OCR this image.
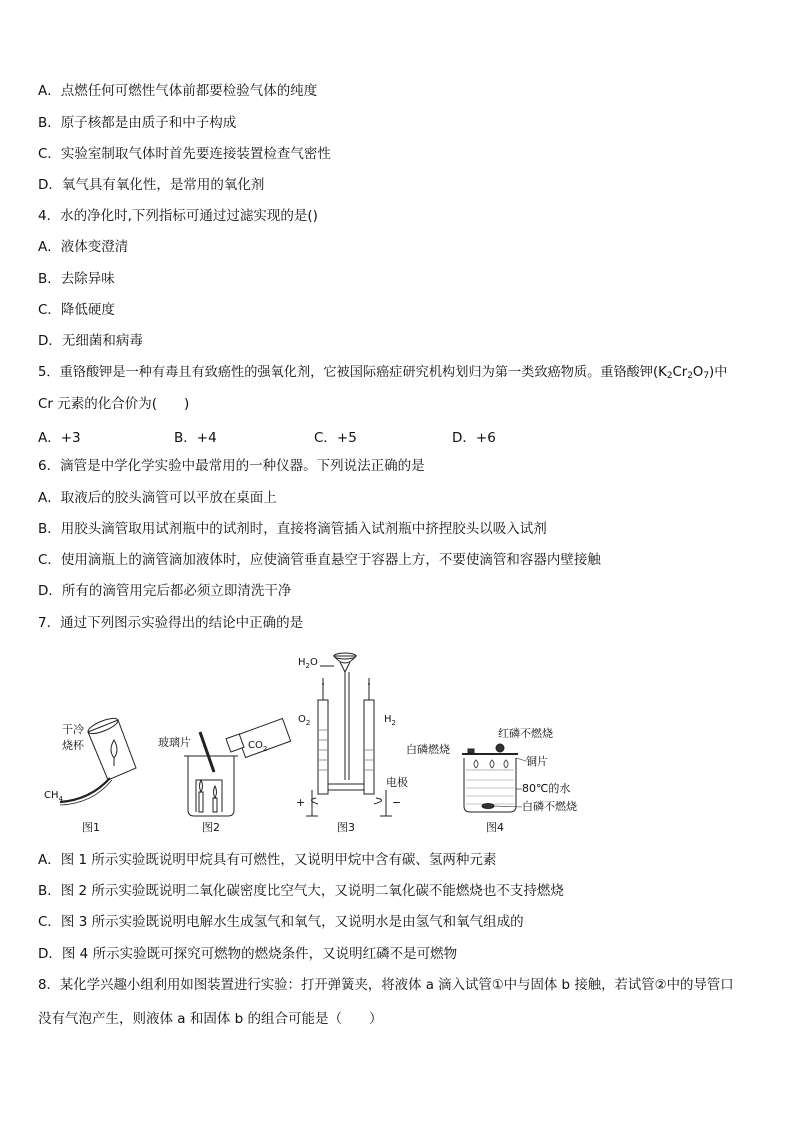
A．点燃任何可燃性气体前都要检验气体的纯度
B．原子核都是由质子和中子构成
C．实验室制取气体时首先要连接装置检查气密性
D．氧气具有氧化性，是常用的氧化剂
4．水的净化时,下列指标可通过过滤实现的是()
A．液体变澄清
B．去除异味
C．降低硬度
D．无细菌和病毒
5．重铬酸钾是一种有毒且有致癌性的强氧化剂，它被国际癌症研究机构划归为第一类致癌物质。重铬酸钾$(K_2Cr_2O_7)$中
Cr 元素的化合价为(　　)
A．+3	B．+4	C．+5	D．+6
6．滴管是中学化学实验中最常用的一种仪器。下列说法正确的是
A．取液后的胶头滴管可以平放在桌面上
B．用胶头滴管取用试剂瓶中的试剂时，直接将滴管插入试剂瓶中挤捏胶头以吸入试剂
C．使用滴瓶上的滴管滴加液体时，应使滴管垂直悬空于容器上方，不要使滴管和容器内壁接触
D．所有的滴管用完后都必须立即清洗干净
7．通过下列图示实验得出的结论中正确的是
干冷
烧杯
$CH_4$
图1
玻璃片	$CO_2$
图2
$H_2O$
$O_2$	$H_2$
电极
+	−
图3
红磷不燃烧
白磷燃烧
铜片
80℃的水
白磷不燃烧
图4
A．图 1 所示实验既说明甲烷具有可燃性，又说明甲烷中含有碳、氢两种元素
B．图 2 所示实验既说明二氧化碳密度比空气大，又说明二氧化碳不能燃烧也不支持燃烧
C．图 3 所示实验既说明电解水生成氢气和氧气，又说明水是由氢气和氧气组成的
D．图 4 所示实验既可探究可燃物的燃烧条件，又说明红磷不是可燃物
8．某化学兴趣小组利用如图装置进行实验：打开弹簧夹，将液体 a 滴入试管①中与固体 b 接触，若试管②中的导管口
没有气泡产生，则液体 a 和固体 b 的组合可能是（　　）
